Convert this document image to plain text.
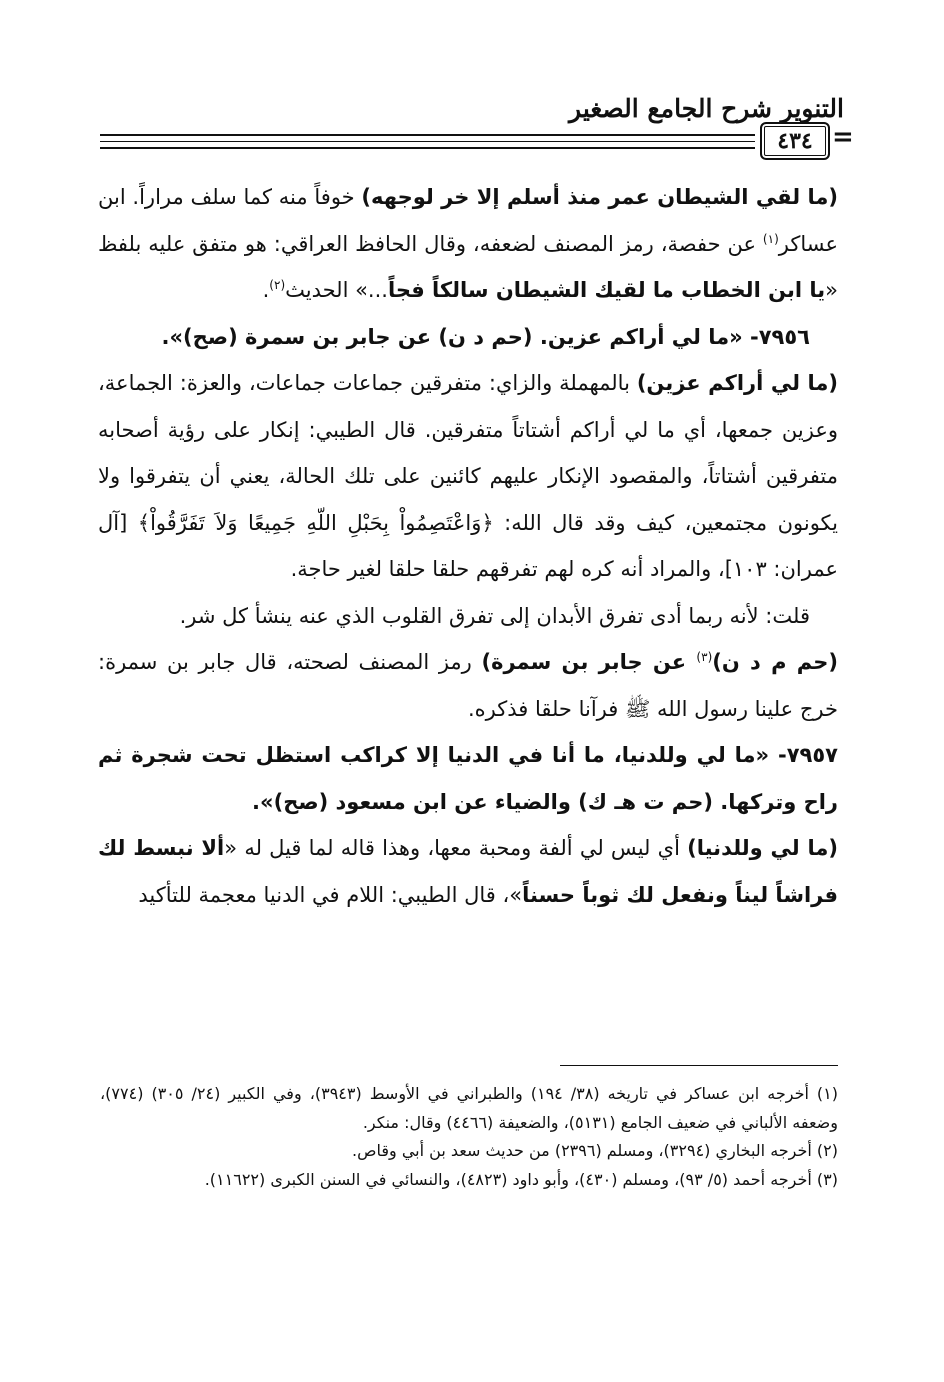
التنوير شرح الجامع الصغير
٤٣٤ =

(ما لقي الشيطان عمر منذ أسلم إلا خر لوجهه) خوفاً منه كما سلف مراراً. ابن عساكر$^{(١)}$ عن حفصة، رمز المصنف لضعفه، وقال الحافظ العراقي: هو متفق عليه بلفظ «يا ابن الخطاب ما لقيك الشيطان سالكاً فجاً...» الحديث$^{(٢)}$.

٧٩٥٦- «ما لي أراكم عزين. (حم د ن) عن جابر بن سمرة (صح)».

(ما لي أراكم عزين) بالمهملة والزاي: متفرقين جماعات جماعات، والعزة: الجماعة، وعزين جمعها، أي ما لي أراكم أشتاتاً متفرقين. قال الطيبي: إنكار على رؤية أصحابه متفرقين أشتاتاً، والمقصود الإنكار عليهم كائنين على تلك الحالة، يعني أن يتفرقوا ولا يكونون مجتمعين، كيف وقد قال الله: ﴿وَاعْتَصِمُواْ بِحَبْلِ اللّهِ جَمِيعًا وَلاَ تَفَرَّقُواْ﴾ [آل عمران: ١٠٣]، والمراد أنه كره لهم تفرقهم حلقا حلقا لغير حاجة.

قلت: لأنه ربما أدى تفرق الأبدان إلى تفرق القلوب الذي عنه ينشأ كل شر.

(حم م د ن)$^{(٣)}$ عن جابر بن سمرة) رمز المصنف لصحته، قال جابر بن سمرة: خرج علينا رسول الله ﷺ فرآنا حلقا فذكره.

٧٩٥٧- «ما لي وللدنيا، ما أنا في الدنيا إلا كراكب استظل تحت شجرة ثم راح وتركها. (حم ت هـ ك) والضياء عن ابن مسعود (صح)».

(ما لي وللدنيا) أي ليس لي ألفة ومحبة معها، وهذا قاله لما قيل له «ألا نبسط لك فراشاً ليناً ونفعل لك ثوباً حسناً»، قال الطيبي: اللام في الدنيا معجمة للتأكيد

(١) أخرجه ابن عساكر في تاريخه (٣٨/ ١٩٤) والطبراني في الأوسط (٣٩٤٣)، وفي الكبير (٢٤/ ٣٠٥) (٧٧٤)، وضعفه الألباني في ضعيف الجامع (٥١٣١)، والضعيفة (٤٤٦٦) وقال: منكر.

(٢) أخرجه البخاري (٣٢٩٤)، ومسلم (٢٣٩٦) من حديث سعد بن أبي وقاص.

(٣) أخرجه أحمد (٥/ ٩٣)، ومسلم (٤٣٠)، وأبو داود (٤٨٢٣)، والنسائي في السنن الكبرى (١١٦٢٢).
